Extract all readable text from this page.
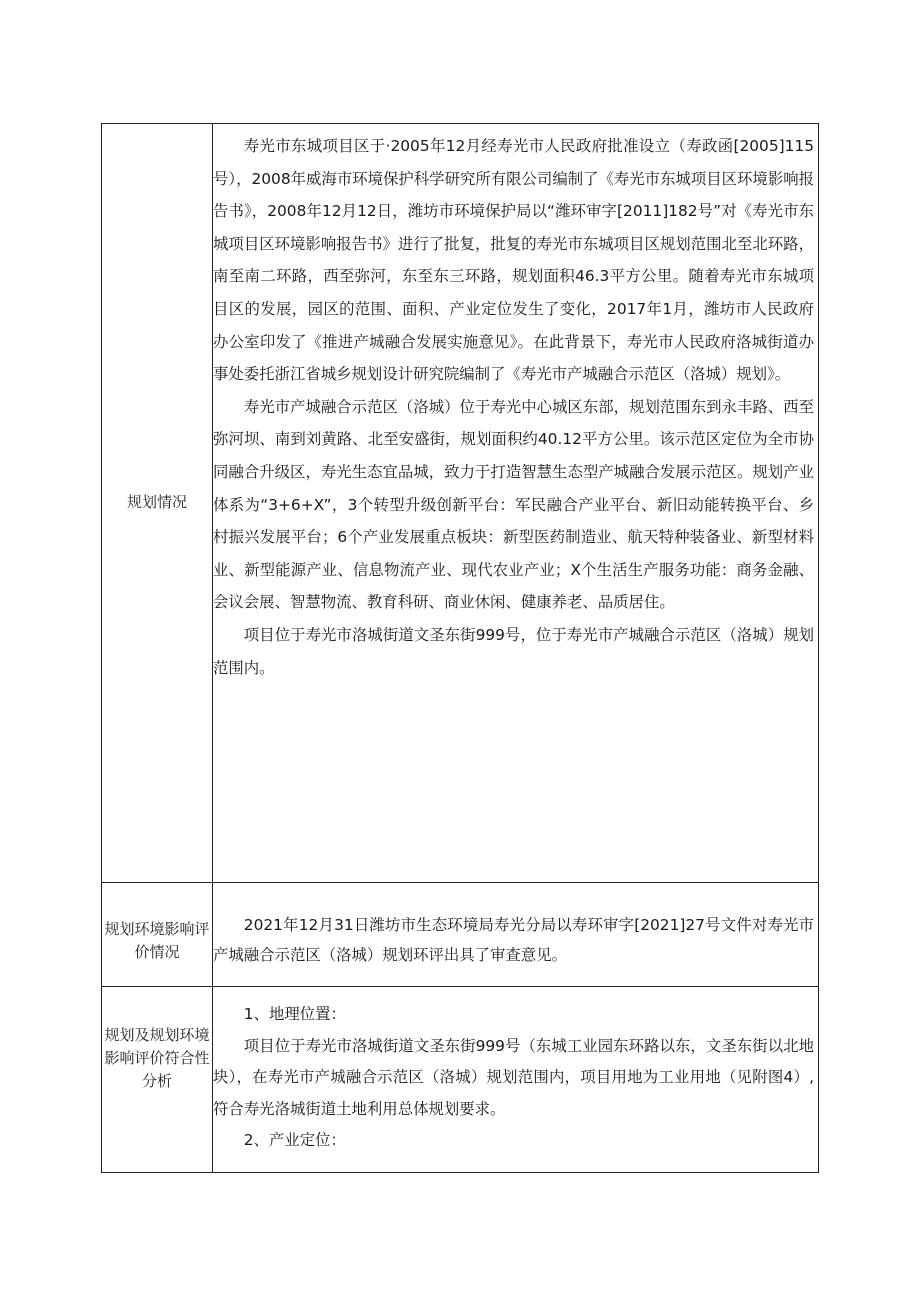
规划情况

寿光市东城项目区于·2005年12月经寿光市人民政府批准设立（寿政函[2005]115号），2008年威海市环境保护科学研究所有限公司编制了《寿光市东城项目区环境影响报告书》，2008年12月12日，潍坊市环境保护局以“潍环审字[2011]182号”对《寿光市东城项目区环境影响报告书》进行了批复，批复的寿光市东城项目区规划范围北至北环路，南至南二环路，西至弥河，东至东三环路，规划面积46.3平方公里。随着寿光市东城项目区的发展，园区的范围、面积、产业定位发生了变化，2017年1月，潍坊市人民政府办公室印发了《推进产城融合发展实施意见》。在此背景下，寿光市人民政府洛城街道办事处委托浙江省城乡规划设计研究院编制了《寿光市产城融合示范区（洛城）规划》。

寿光市产城融合示范区（洛城）位于寿光中心城区东部，规划范围东到永丰路、西至弥河坝、南到刘黄路、北至安盛街，规划面积约40.12平方公里。该示范区定位为全市协同融合升级区，寿光生态宜品城，致力于打造智慧生态型产城融合发展示范区。规划产业体系为“3+6+X”，3个转型升级创新平台：军民融合产业平台、新旧动能转换平台、乡村振兴发展平台；6个产业发展重点板块：新型医药制造业、航天特种装备业、新型材料业、新型能源产业、信息物流产业、现代农业产业；X个生活生产服务功能：商务金融、会议会展、智慧物流、教育科研、商业休闲、健康养老、品质居住。

项目位于寿光市洛城街道文圣东街999号，位于寿光市产城融合示范区（洛城）规划范围内。

规划环境影响评价情况

2021年12月31日潍坊市生态环境局寿光分局以寿环审字[2021]27号文件对寿光市产城融合示范区（洛城）规划环评出具了审查意见。

规划及规划环境影响评价符合性分析

1、地理位置：

项目位于寿光市洛城街道文圣东街999号（东城工业园东环路以东，文圣东街以北地块），在寿光市产城融合示范区（洛城）规划范围内，项目用地为工业用地（见附图4）,符合寿光洛城街道土地利用总体规划要求。

2、产业定位：
